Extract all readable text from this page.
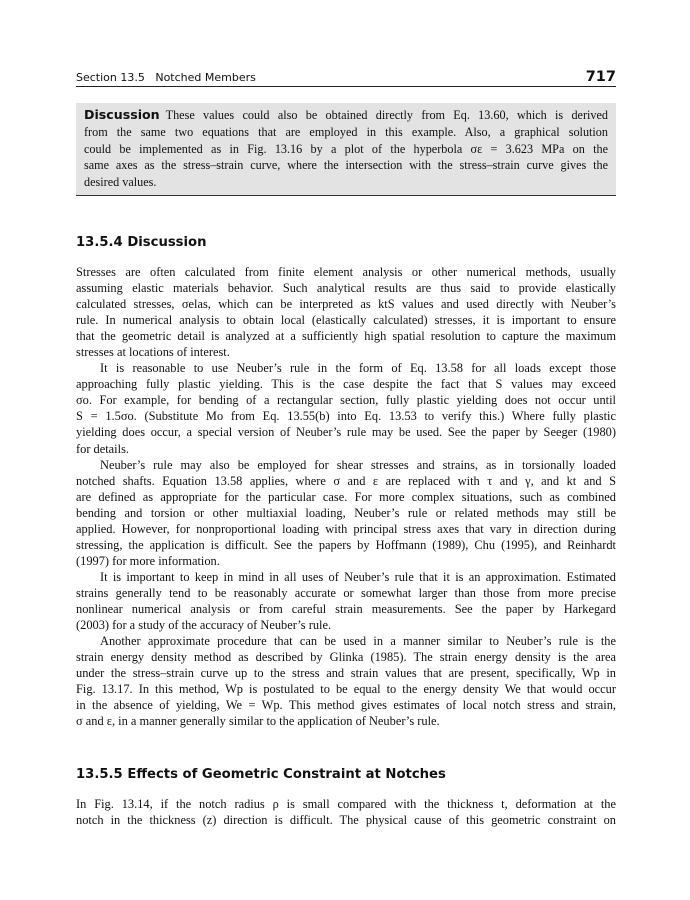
Section 13.5   Notched Members	717
Discussion These values could also be obtained directly from Eq. 13.60, which is derived
from the same two equations that are employed in this example. Also, a graphical solution
could be implemented as in Fig. 13.16 by a plot of the hyperbola σε = 3.623 MPa on the
same axes as the stress–strain curve, where the intersection with the stress–strain curve gives the
desired values.
13.5.4 Discussion
Stresses are often calculated from finite element analysis or other numerical methods, usually
assuming elastic materials behavior. Such analytical results are thus said to provide elastically
calculated stresses, σelas, which can be interpreted as ktS values and used directly with Neuber’s
rule. In numerical analysis to obtain local (elastically calculated) stresses, it is important to ensure
that the geometric detail is analyzed at a sufficiently high spatial resolution to capture the maximum
stresses at locations of interest.
It is reasonable to use Neuber’s rule in the form of Eq. 13.58 for all loads except those
approaching fully plastic yielding. This is the case despite the fact that S values may exceed
σo. For example, for bending of a rectangular section, fully plastic yielding does not occur until
S = 1.5σo. (Substitute Mo from Eq. 13.55(b) into Eq. 13.53 to verify this.) Where fully plastic
yielding does occur, a special version of Neuber’s rule may be used. See the paper by Seeger (1980)
for details.
Neuber’s rule may also be employed for shear stresses and strains, as in torsionally loaded
notched shafts. Equation 13.58 applies, where σ and ε are replaced with τ and γ, and kt and S
are defined as appropriate for the particular case. For more complex situations, such as combined
bending and torsion or other multiaxial loading, Neuber’s rule or related methods may still be
applied. However, for nonproportional loading with principal stress axes that vary in direction during
stressing, the application is difficult. See the papers by Hoffmann (1989), Chu (1995), and Reinhardt
(1997) for more information.
It is important to keep in mind in all uses of Neuber’s rule that it is an approximation. Estimated
strains generally tend to be reasonably accurate or somewhat larger than those from more precise
nonlinear numerical analysis or from careful strain measurements. See the paper by Harkegard
(2003) for a study of the accuracy of Neuber’s rule.
Another approximate procedure that can be used in a manner similar to Neuber’s rule is the
strain energy density method as described by Glinka (1985). The strain energy density is the area
under the stress–strain curve up to the stress and strain values that are present, specifically, Wp in
Fig. 13.17. In this method, Wp is postulated to be equal to the energy density We that would occur
in the absence of yielding, We = Wp. This method gives estimates of local notch stress and strain,
σ and ε, in a manner generally similar to the application of Neuber’s rule.
13.5.5 Effects of Geometric Constraint at Notches
In Fig. 13.14, if the notch radius ρ is small compared with the thickness t, deformation at the
notch in the thickness (z) direction is difficult. The physical cause of this geometric constraint on
